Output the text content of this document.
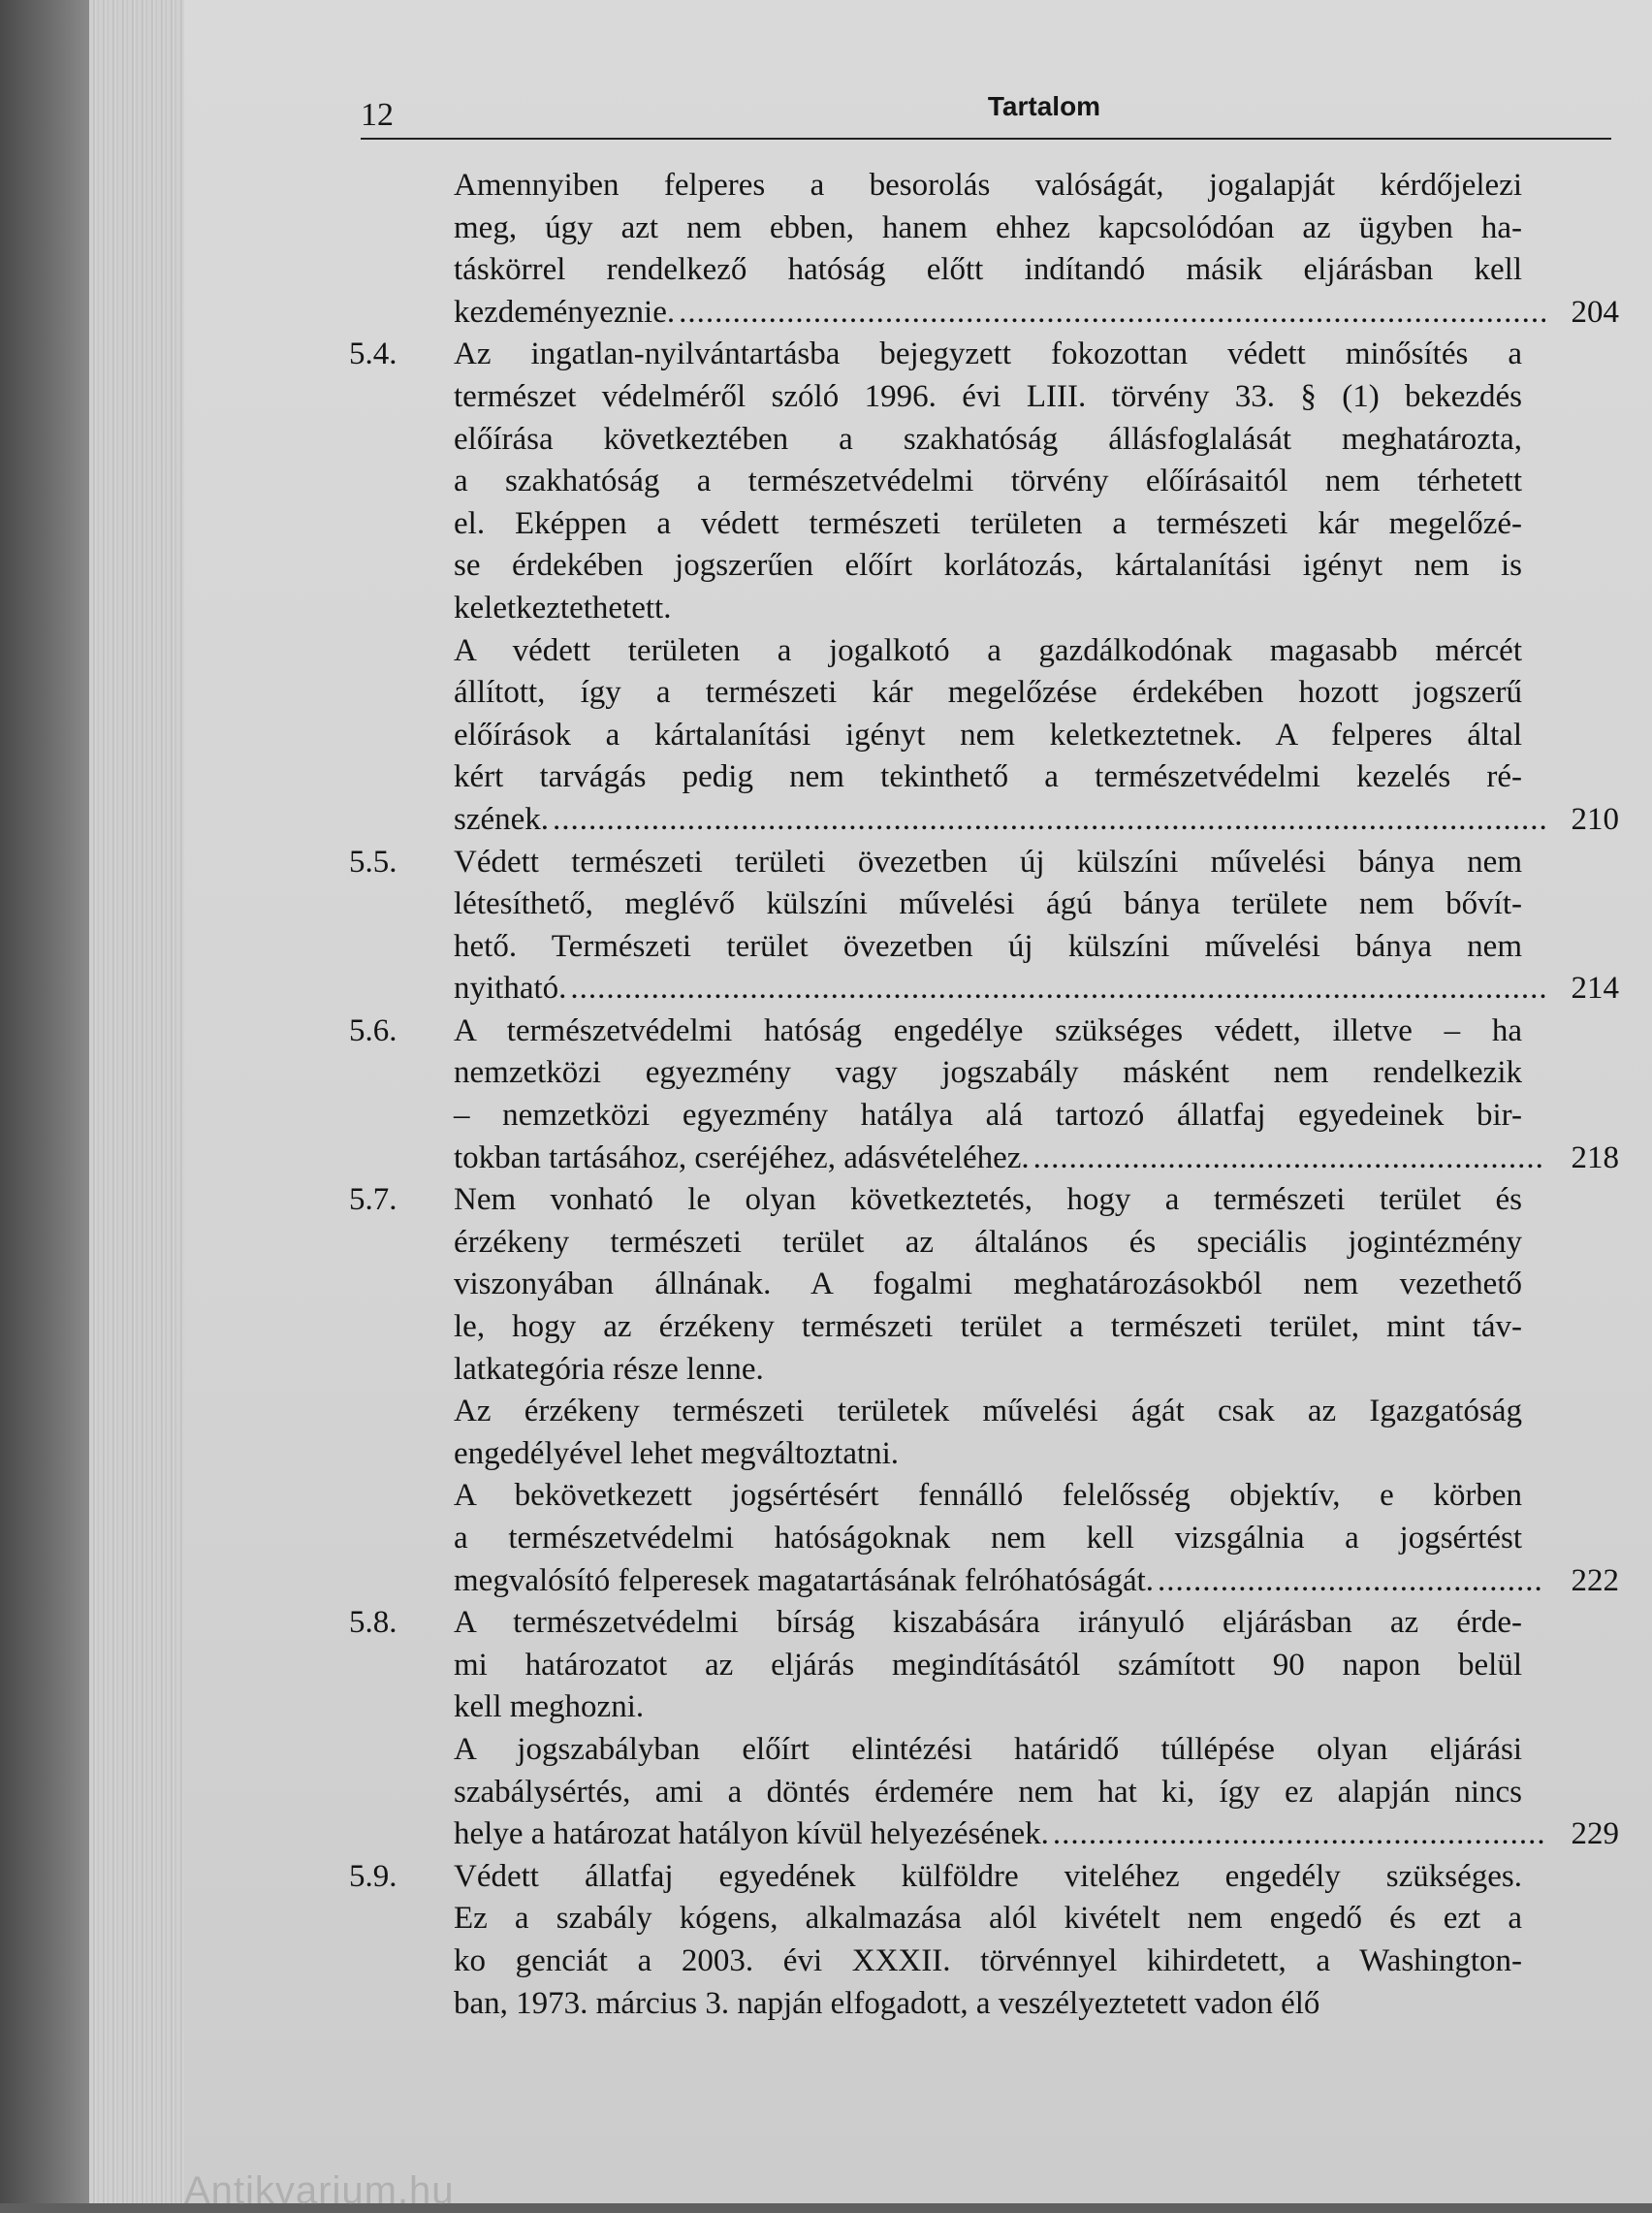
Antikvarium.hu
12	Tartalom
Amennyiben felperes a besorolás valóságát, jogalapját kérdőjelezi
meg, úgy azt nem ebben, hanem ehhez kapcsolódóan az ügyben ha-
táskörrel rendelkező hatóság előtt indítandó másik eljárásban kell
kezdeményeznie. .....	204
5.4. Az ingatlan-nyilvántartásba bejegyzett fokozottan védett minősítés a
természet védelméről szóló 1996. évi LIII. törvény 33. § (1) bekezdés
előírása következtében a szakhatóság állásfoglalását meghatározta,
a szakhatóság a természetvédelmi törvény előírásaitól nem térhetett
el. Eképpen a védett természeti területen a természeti kár megelőzé-
se érdekében jogszerűen előírt korlátozás, kártalanítási igényt nem is
keletkeztethetett.
A védett területen a jogalkotó a gazdálkodónak magasabb mércét
állított, így a természeti kár megelőzése érdekében hozott jogszerű
előírások a kártalanítási igényt nem keletkeztetnek. A felperes által
kért tarvágás pedig nem tekinthető a természetvédelmi kezelés ré-
szének. .....	210
5.5. Védett természeti területi övezetben új külszíni művelési bánya nem
létesíthető, meglévő külszíni művelési ágú bánya területe nem bővít-
hető. Természeti terület övezetben új külszíni művelési bánya nem
nyitható. .....	214
5.6. A természetvédelmi hatóság engedélye szükséges védett, illetve – ha
nemzetközi egyezmény vagy jogszabály másként nem rendelkezik
– nemzetközi egyezmény hatálya alá tartozó állatfaj egyedeinek bir-
tokban tartásához, cseréjéhez, adásvételéhez. .....	218
5.7. Nem vonható le olyan következtetés, hogy a természeti terület és
érzékeny természeti terület az általános és speciális jogintézmény
viszonyában állnának. A fogalmi meghatározásokból nem vezethető
le, hogy az érzékeny természeti terület a természeti terület, mint táv-
latkategória része lenne.
Az érzékeny természeti területek művelési ágát csak az Igazgatóság
engedélyével lehet megváltoztatni.
A bekövetkezett jogsértésért fennálló felelősség objektív, e körben
a természetvédelmi hatóságoknak nem kell vizsgálnia a jogsértést
megvalósító felperesek magatartásának felróhatóságát. .....	222
5.8. A természetvédelmi bírság kiszabására irányuló eljárásban az érde-
mi határozatot az eljárás megindításától számított 90 napon belül
kell meghozni.
A jogszabályban előírt elintézési határidő túllépése olyan eljárási
szabálysértés, ami a döntés érdemére nem hat ki, így ez alapján nincs
helye a határozat hatályon kívül helyezésének. .....	229
5.9. Védett állatfaj egyedének külföldre viteléhez engedély szükséges.
Ez a szabály kógens, alkalmazása alól kivételt nem engedő és ezt a
ko genciát a 2003. évi XXXII. törvénnyel kihirdetett, a Washington-
ban, 1973. március 3. napján elfogadott, a veszélyeztetett vadon élő
